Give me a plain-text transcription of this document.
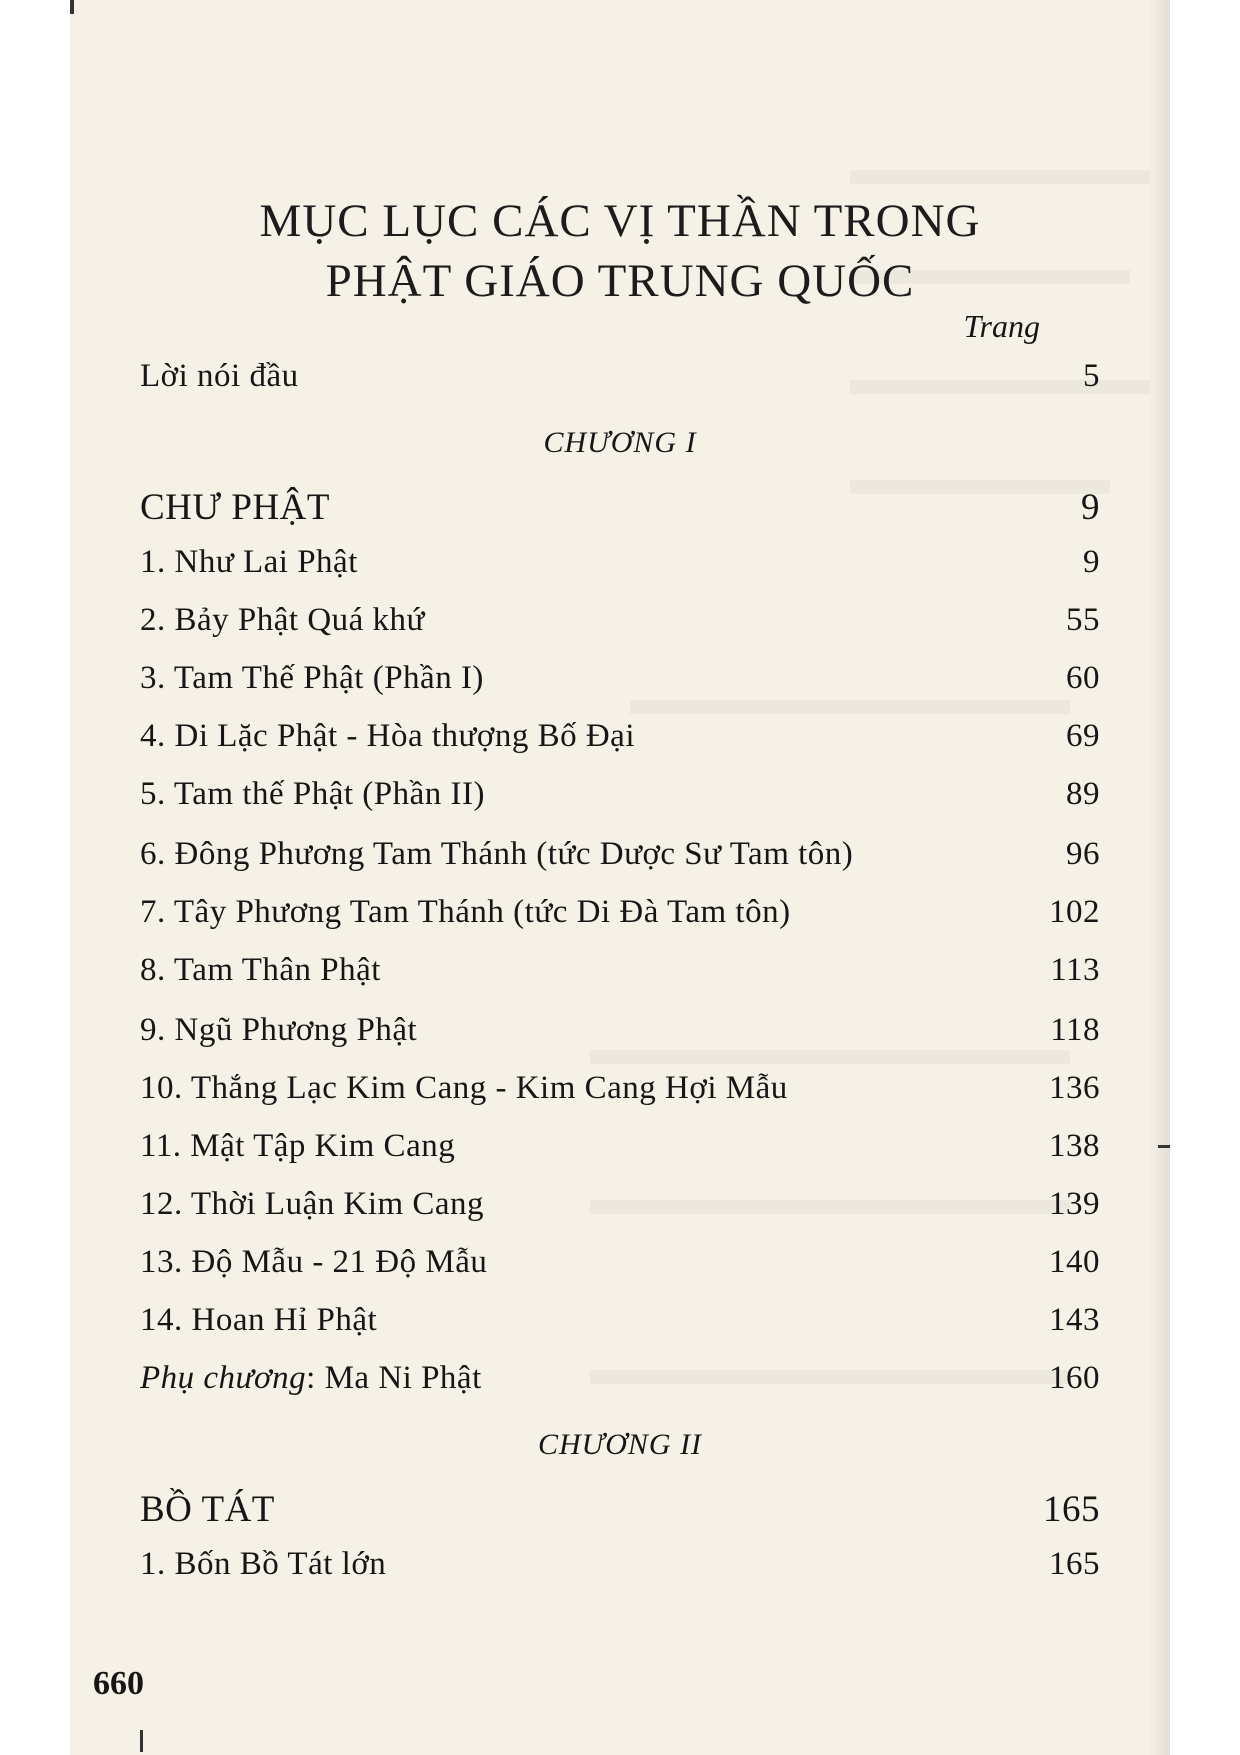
MỤC LỤC CÁC VỊ THẦN TRONG
PHẬT GIÁO TRUNG QUỐC
Trang
Lời nói đầu	5
CHƯƠNG I
CHƯ PHẬT	9
1. Như Lai Phật	9
2. Bảy Phật Quá khứ	55
3. Tam Thế Phật (Phần I)	60
4. Di Lặc Phật - Hòa thượng Bố Đại	69
5. Tam thế Phật (Phần II)	89
6. Đông Phương Tam Thánh (tức Dược Sư Tam tôn)	96
7. Tây Phương Tam Thánh (tức Di Đà Tam tôn)	102
8. Tam Thân Phật	113
9. Ngũ Phương Phật	118
10. Thắng Lạc Kim Cang - Kim Cang Hợi Mẫu	136
11. Mật Tập Kim Cang	138
12. Thời Luận Kim Cang	139
13. Độ Mẫu - 21 Độ Mẫu	140
14. Hoan Hỉ Phật	143
Phụ chương: Ma Ni Phật	160
CHƯƠNG II
BỒ TÁT	165
1. Bốn Bồ Tát lớn	165
660
